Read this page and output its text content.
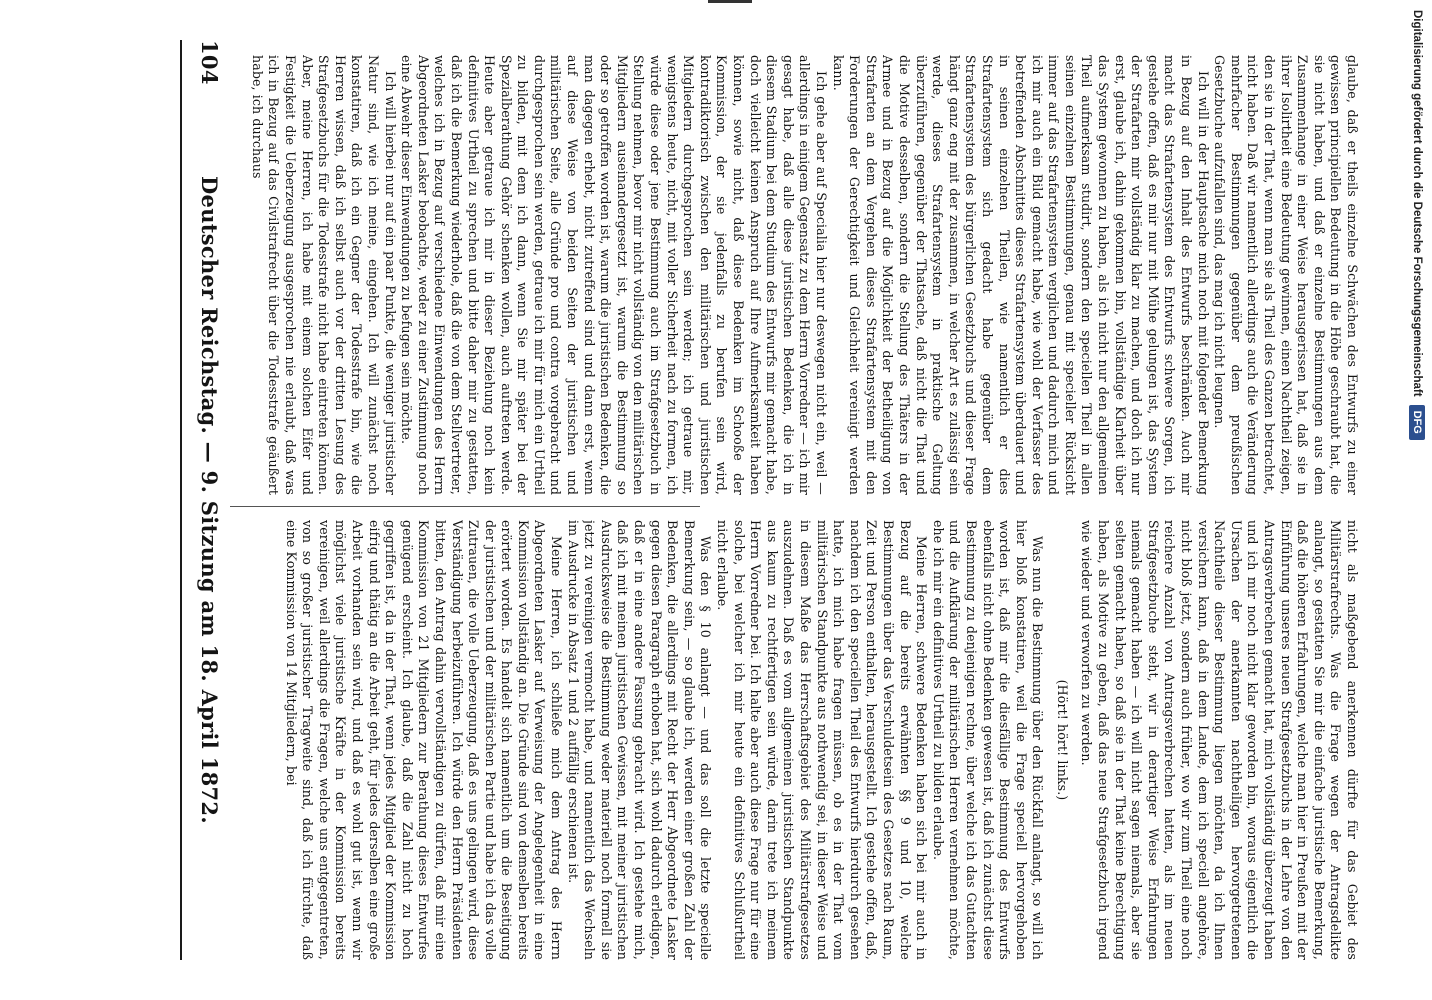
104
Deutscher Reichstag. — 9. Sitzung am 18. April 1872.	glaube, daß er theils einzelne Schwächen des Entwurfs zu einer gewissen principiellen Bedeutung in die Höhe geschraubt hat, die sie nicht haben, und daß er einzelne Bestimmungen aus dem Zusammenhange in einer Weise herausgerissen hat, daß sie in ihrer Isolirtheit eine Bedeutung gewinnen, einen Nachtheil zeigen, den sie in der That, wenn man sie als Theil des Ganzen betrachtet, nicht haben. Daß wir namentlich allerdings auch die Veränderung mehrfacher Bestimmungen gegenüber dem preußischen Gesetzbuche aufzufallen sind, das mag ich nicht leugnen.

Ich will in der Hauptsache mich noch mit folgender Bemerkung in Bezug auf den Inhalt des Entwurfs beschränken. Auch mir macht das Strafartensystem des Entwurfs schwere Sorgen, ich gestehe offen, daß es mir nur mit Mühe gelungen ist, das System der Strafarten mir vollständig klar zu machen, und doch ich nur erst, glaube ich, dahin gekommen bin, vollständige Klarheit über das System gewonnen zu haben, als ich nicht nur den allgemeinen Theil aufmerksam studirt, sondern den speciellen Theil in allen seinen einzelnen Bestimmungen, genau mit specieller Rücksicht immer auf das Strafartensystem verglichen und dadurch mich und ich mir auch ein Bild gemacht habe, wie wohl der Verfasser des betreffenden Abschnittes dieses Strafartensystem überdauert und in seinen einzelnen Theilen, wie namentlich er dies Strafartensystem sich gedacht habe gegenüber dem Strafartensystem des bürgerlichen Gesetzbuchs und dieser Frage hängt ganz eng mit der zusammen, in welcher Art es zulässig sein werde, dieses Strafartensystem in praktische Geltung überzuführen, gegenüber der Thatsache, daß nicht die That und die Motive desselben, sondern die Stellung des Thäters in der Armee und in Bezug auf die Möglichkeit der Betheiligung von Strafarten an dem Vergehen dieses Strafartensystem mit den Forderungen der Gerechtigkeit und Gleichheit vereinigt werden kann.

Ich gehe aber auf Specialia hier nur deswegen nicht ein, weil — allerdings in einigem Gegensatz zu dem Herrn Vorredner — ich mir gesagt habe, daß alle diese juristischen Bedenken, die ich in diesem Stadium bei dem Studium des Entwurfs mir gemacht habe, doch vielleicht keinen Anspruch auf Ihre Aufmerksamkeit haben können, sowie nicht, daß diese Bedenken im Schooße der Kommission, der sie jedenfalls zu berufen sein wird, kontradiktorisch zwischen den militärischen und juristischen Mitgliedern durchgesprochen sein werden; ich getraue mir, wenigstens heute, nicht, mit voller Sicherheit nach zu formen, ich würde diese oder jene Bestimmung auch im Strafgesetzbuch in Stellung nehmen, bevor mir nicht vollständig von den militärischen Mitgliedern auseinandergesetzt ist, warum die Bestimmung so oder so getroffen worden ist, warum die juristischen Bedenken, die man dagegen erhebt, nicht zutreffend sind und dann erst, wenn auf diese Weise von beiden Seiten der juristischen und militärischen Seite, alle Gründe pro und contra vorgebracht und durchgesprochen sein werden, getraue ich mir für mich ein Urtheil zu bilden, mit dem ich dann, wenn Sie mir später bei der Spezialberathung Gehör schenken wollen, auch auftreten werde. Heute aber getraue ich mir in dieser Beziehung noch kein definitives Urtheil zu sprechen und bitte daher mir zu gestatten, daß ich die Bemerkung wiederhole, daß die von dem Stellvertreter, welches ich in Bezug auf verschiedene Einwendungen des Herrn Abgeordneten Lasker beobachte, weder zu einer Zustimmung noch eine Abwehr dieser Einwendungen zu befugen sein möchte.

Ich will hierbei nur auf ein paar Punkte, die weniger juristischer Natur sind, wie ich meine, eingehen. Ich will zunächst noch konstatiren, daß ich ein Gegner der Todesstrafe bin, wie die Herren wissen, daß ich selbst auch vor der dritten Lesung des Strafgesetzbuchs für die Todesstrafe nicht habe eintreten können. Aber, meine Herren, ich habe mit einem solchen Eifer und Festigkeit die Ueberzeugung ausgesprochen nie erlaubt, daß was ich in Bezug auf das Civilstrafrecht über die Todesstrafe geäußert habe, ich durchaus

nicht als maßgebend anerkennen dürfte für das Gebiet des Militärstrafrechts. Was die Frage wegen der Antragsdelikte anlangt, so gestatten Sie mir die einfache juristische Bemerkung, daß die höheren Erfahrungen, welche man hier in Preußen mit der Einführung unseres neuen Strafgesetzbuchs in der Lehre von den Antragsverbrechen gemacht hat, mich vollständig überzeugt haben und ich mir noch nicht klar geworden bin, woraus eigentlich die Ursachen der anerkannten nachtheiligen hervorgetretenen Nachtheile dieser Bestimmung liegen möchten, da ich Ihnen versichern kann, daß in dem Lande, dem ich speciell angehöre, nicht bloß jetzt, sondern auch früher, wo wir zum Theil eine noch reichere Anzahl von Antragsverbrechen hatten, als im neuen Strafgesetzbuche steht, wir in derartiger Weise Erfahrungen niemals gemacht haben — ich will nicht sagen niemals, aber sie selten gemacht haben, so daß sie in der That keine Berechtigung haben, als Motive zu geben, daß das neue Strafgesetzbuch irgend wie wieder und verworfen zu werden.

(Hört! hört! links.)

Was nun die Bestimmung über den Rückfall anlangt, so will ich hier bloß konstatiren, weil die Frage speciell hervorgehoben worden ist, daß mir die diesfällige Bestimmung des Entwurfs ebenfalls nicht ohne Bedenken gewesen ist, daß ich zunächst diese Bestimmung zu denjenigen rechne, über welche ich das Gutachten und die Aufklärung der militärischen Herren vernehmen möchte, ehe ich mir ein definitives Urtheil zu bilden erlaube.

Meine Herren, schwere Bedenken haben sich bei mir auch in Bezug auf die bereits erwähnten §§ 9 und 10, welche Bestimmungen über das Verschuldetsein des Gesetzes nach Raum, Zeit und Person enthalten, herausgestellt. Ich gestehe offen, daß, nachdem ich den speciellen Theil des Entwurfs hierdurch gesehen hatte, ich mich habe fragen müssen, ob es in der That vom militärischen Standpunkte aus nothwendig sei, in dieser Weise und in diesem Maße das Herrschaftsgebiet des Militärstrafgesetzes auszudehnen. Daß es vom allgemeinen juristischen Standpunkte aus kaum zu rechtfertigen sein würde, darin trete ich meinem Herrn Vorredner bei. Ich halte aber auch diese Frage nur für eine solche, bei welcher ich mir heute ein definitives Schlußurtheil nicht erlaube.

Was den § 10 anlangt — und das soll die letzte specielle Bemerkung sein, — so glaube ich, werden einer großen Zahl der Bedenken, die allerdings mit Recht der Herr Abgeordnete Lasker gegen diesen Paragraph erhoben hat, sich wohl dadurch erledigen, daß er in eine andere Fassung gebracht wird. Ich gestehe mich, daß ich mit meinen juristischen Gewissen, mit meiner juristischen Ausdrucksweise die Bestimmung weder materiell noch formell sie jetzt zu vereinigen vermocht habe, und namentlich das Wechseln im Ausdrucke in Absatz 1 und 2 auffällig erschienen ist.

Meine Herren, ich schließe mich dem Antrag des Herrn Abgeordneten Lasker auf Verweisung der Angelegenheit in eine Kommission vollständig an. Die Gründe sind von demselben bereits erörtert worden. Es handelt sich namentlich um die Beseitigung der juristischen und der militärischen Partie und habe ich das volle Zutrauen, die volle Ueberzeugung, daß es uns gelingen wird, diese Verständigung herbeizuführen. Ich würde den Herrn Präsidenten bitten, den Antrag dahin vervollständigen zu dürfen, daß mir eine Kommission von 21 Mitgliedern zur Berathung dieses Entwurfes genügend erscheint. Ich glaube, daß die Zahl nicht zu hoch gegriffen ist, da in der That, wenn jedes Mitglied der Kommission eifrig und thätig an die Arbeit geht, für jedes derselben eine große Arbeit vorhanden sein wird, und daß es wohl gut ist, wenn wir möglichst viele juristische Kräfte in der Kommission bereits vereinigen, weil allerdings die Fragen, welche uns entgegentreten, von so großer juristischer Tragweite sind, daß ich fürchte, daß eine Kommission von 14 Mitgliedern, bei

Digitalisierung gefördert durch die Deutsche Forschungsgemeinschaft
DFG
